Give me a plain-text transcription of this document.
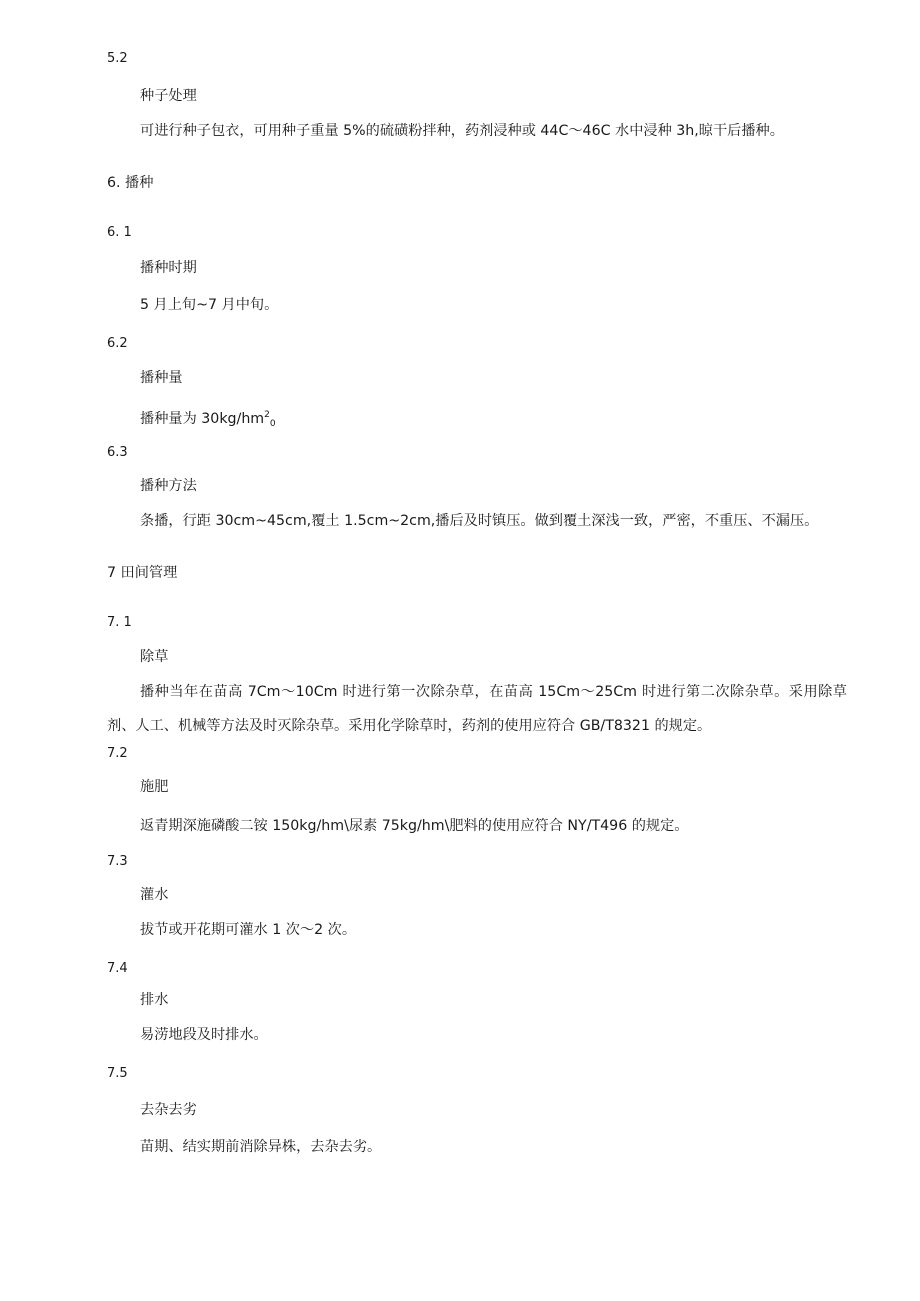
5.2
种子处理
可进行种子包衣，可用种子重量 5%的硫磺粉拌种，药剂浸种或 44C～46C 水中浸种 3h,晾干后播种。
6. 播种
6. 1
播种时期
5 月上旬~7 月中旬。
6.2
播种量
播种量为 $30kg∕hm^2_0$
6.3
播种方法
条播，行距 30cm~45cm,覆土 1.5cm~2cm,播后及时镇压。做到覆土深浅一致，严密，不重压、不漏压。
7 田间管理
7. 1
除草
播种当年在苗高 7Cm～10Cm 时进行第一次除杂草，在苗高 15Cm～25Cm 时进行第二次除杂草。采用除草剂、人工、机械等方法及时灭除杂草。采用化学除草时，药剂的使用应符合 GB/T8321 的规定。
7.2
施肥
返青期深施磷酸二铵 150kg∕hm\尿素 75kg∕hm\肥料的使用应符合 NY/T496 的规定。
7.3
灌水
拔节或开花期可灌水 1 次～2 次。
7.4
排水
易涝地段及时排水。
7.5
去杂去劣
苗期、结实期前消除异株，去杂去劣。
